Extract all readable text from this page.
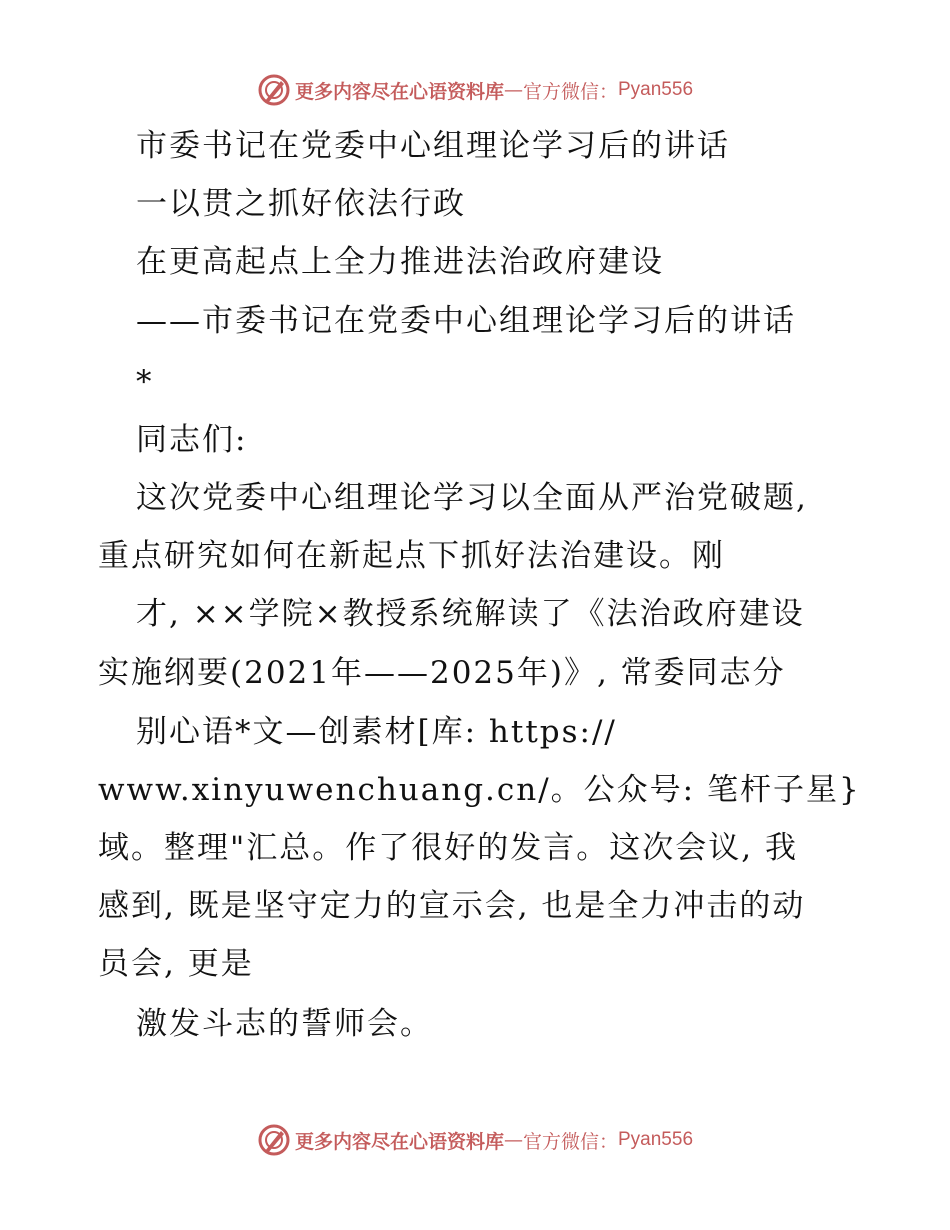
更多内容尽在心语资料库 — 官方微信： Pyan556
市委书记在党委中心组理论学习后的讲话
一以贯之抓好依法行政
在更高起点上全力推进法治政府建设
——市委书记在党委中心组理论学习后的讲话
*
同志们:
这次党委中心组理论学习以全面从严治党破题,
重点研究如何在新起点下抓好法治建设。刚
才, ××学院×教授系统解读了《法治政府建设
实施纲要(2021年——2025年)》, 常委同志分
别心语*文—创素材[库: https://
www.xinyuwenchuang.cn/。公众号: 笔杆子星}
域。整理"汇总。作了很好的发言。这次会议, 我
感到, 既是坚守定力的宣示会, 也是全力冲击的动
员会, 更是
激发斗志的誓师会。
更多内容尽在心语资料库 — 官方微信： Pyan556
